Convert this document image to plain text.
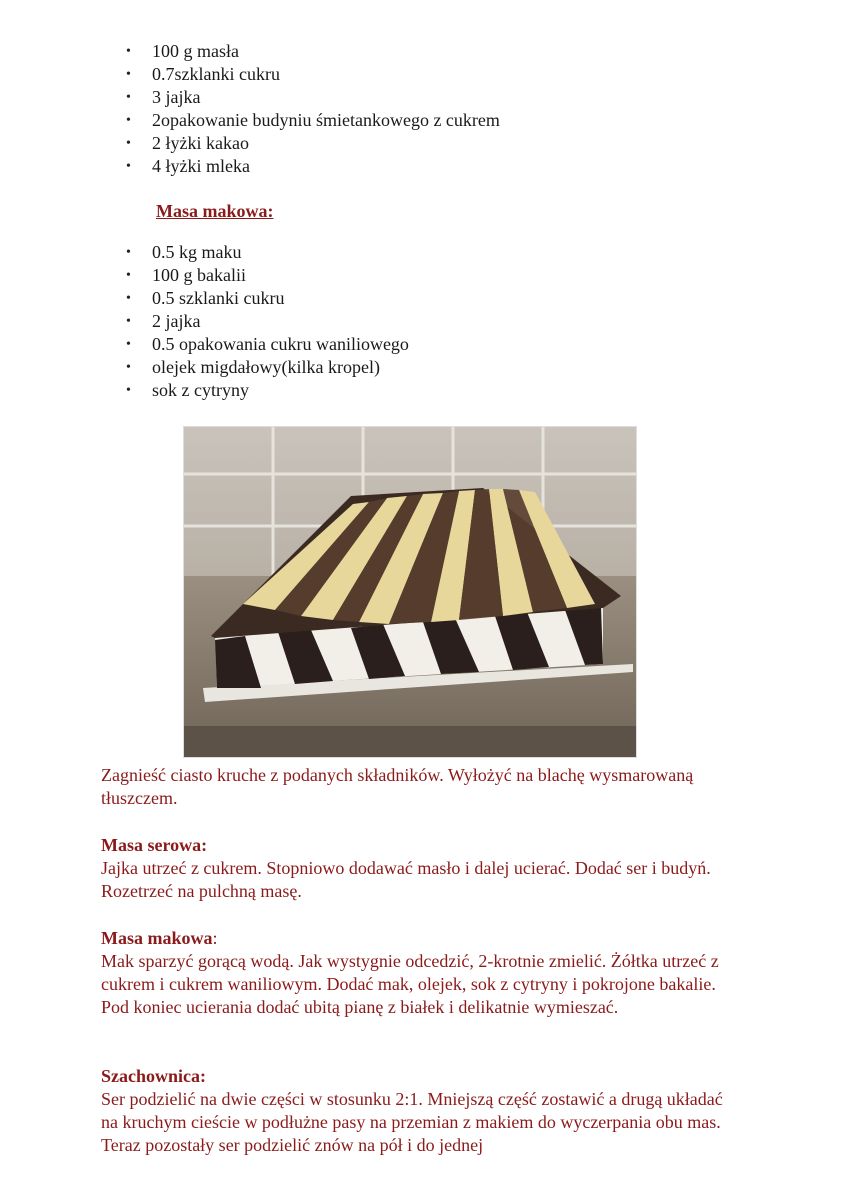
• 100 g masła
• 0.7szklanki cukru
• 3 jajka
• 2opakowanie budyniu śmietankowego z cukrem
• 2 łyżki kakao
• 4 łyżki mleka
Masa makowa:
• 0.5 kg maku
• 100 g bakalii
• 0.5 szklanki cukru
• 2 jajka
• 0.5 opakowania cukru waniliowego
• olejek migdałowy(kilka kropel)
• sok z cytryny
Zagnieść ciasto kruche z podanych składników. Wyłożyć na blachę wysmarowaną tłuszczem.
Masa serowa:
Jajka utrzeć z cukrem. Stopniowo dodawać masło i dalej ucierać. Dodać ser i budyń. Rozetrzeć na pulchną masę.
Masa makowa:
Mak sparzyć gorącą wodą. Jak wystygnie odcedzić, 2-krotnie zmielić. Żółtka utrzeć z cukrem i cukrem waniliowym. Dodać mak, olejek, sok z cytryny i pokrojone bakalie. Pod koniec ucierania dodać ubitą pianę z białek i delikatnie wymieszać.
Szachownica:
Ser podzielić na dwie części w stosunku 2:1. Mniejszą część zostawić a drugą układać na kruchym cieście w podłużne pasy na przemian z makiem do wyczerpania obu mas. Teraz pozostały ser podzielić znów na pół i do jednej
